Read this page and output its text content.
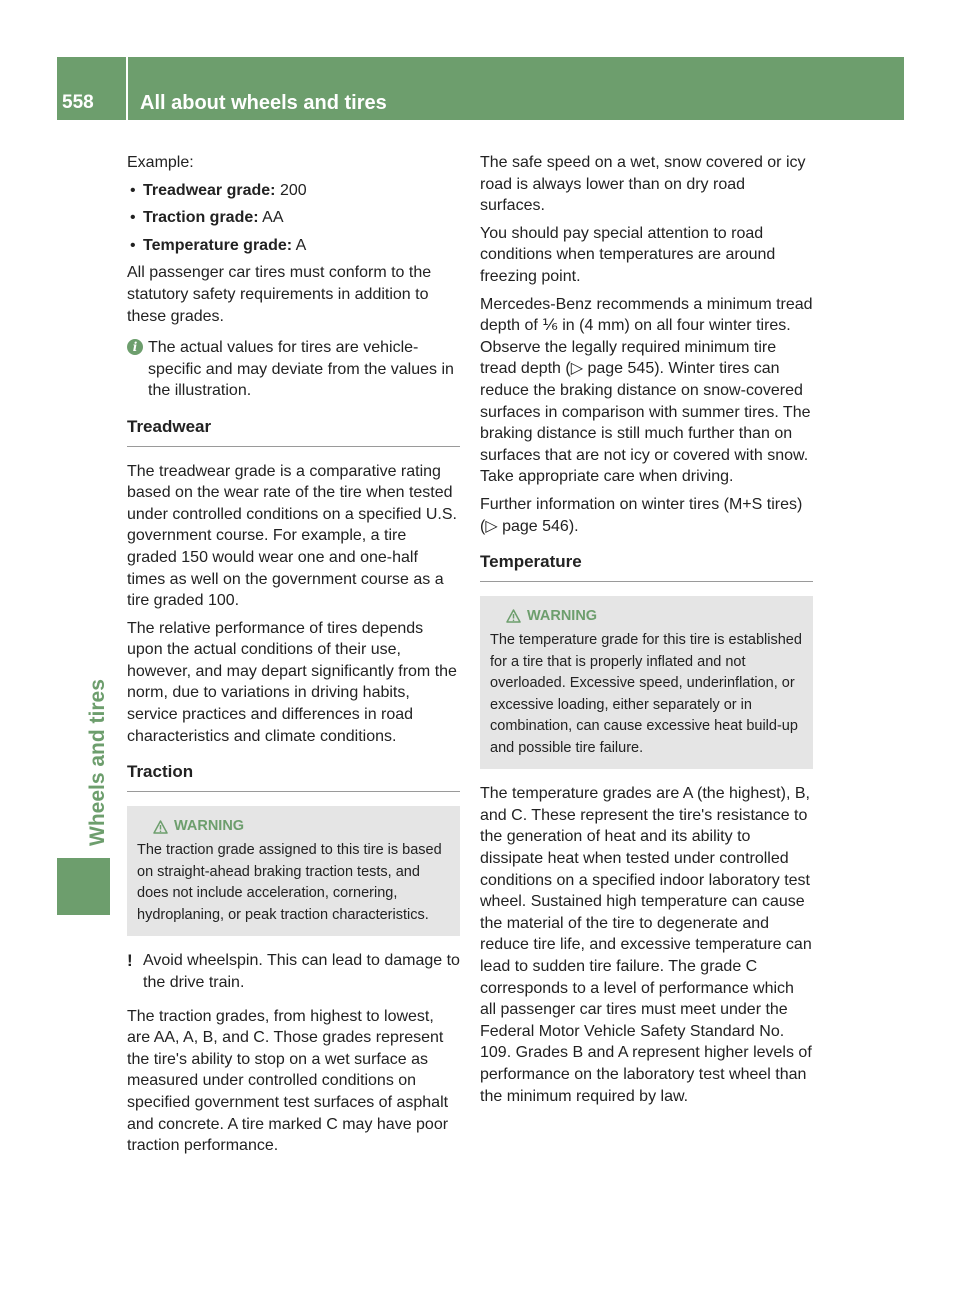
558 All about wheels and tires
Wheels and tires

Example:

• Treadwear grade: 200
• Traction grade: AA
• Temperature grade: A

All passenger car tires must conform to the statutory safety requirements in addition to these grades.

i The actual values for tires are vehicle-specific and may deviate from the values in the illustration.
Treadwear

The treadwear grade is a comparative rating based on the wear rate of the tire when tested under controlled conditions on a specified U.S. government course. For example, a tire graded 150 would wear one and one-half times as well on the government course as a tire graded 100.

The relative performance of tires depends upon the actual conditions of their use, however, and may depart significantly from the norm, due to variations in driving habits, service practices and differences in road characteristics and climate conditions.

Traction
WARNING
The traction grade assigned to this tire is based on straight-ahead braking traction tests, and does not include acceleration, cornering, hydroplaning, or peak traction characteristics.
! Avoid wheelspin. This can lead to damage to the drive train.

The traction grades, from highest to lowest, are AA, A, B, and C. Those grades represent the tire's ability to stop on a wet surface as measured under controlled conditions on specified government test surfaces of asphalt and concrete. A tire marked C may have poor traction performance.

The safe speed on a wet, snow covered or icy road is always lower than on dry road surfaces.

You should pay special attention to road conditions when temperatures are around freezing point.

Mercedes-Benz recommends a minimum tread depth of ⅙ in (4 mm) on all four winter tires. Observe the legally required minimum tire tread depth (▷ page 545). Winter tires can reduce the braking distance on snow-covered surfaces in comparison with summer tires. The braking distance is still much further than on surfaces that are not icy or covered with snow. Take appropriate care when driving.

Further information on winter tires (M+S tires) (▷ page 546).

Temperature
WARNING
The temperature grade for this tire is established for a tire that is properly inflated and not overloaded. Excessive speed, underinflation, or excessive loading, either separately or in combination, can cause excessive heat build-up and possible tire failure.

The temperature grades are A (the highest), B, and C. These represent the tire's resistance to the generation of heat and its ability to dissipate heat when tested under controlled conditions on a specified indoor laboratory test wheel. Sustained high temperature can cause the material of the tire to degenerate and reduce tire life, and excessive temperature can lead to sudden tire failure. The grade C corresponds to a level of performance which all passenger car tires must meet under the Federal Motor Vehicle Safety Standard No. 109. Grades B and A represent higher levels of performance on the laboratory test wheel than the minimum required by law.
